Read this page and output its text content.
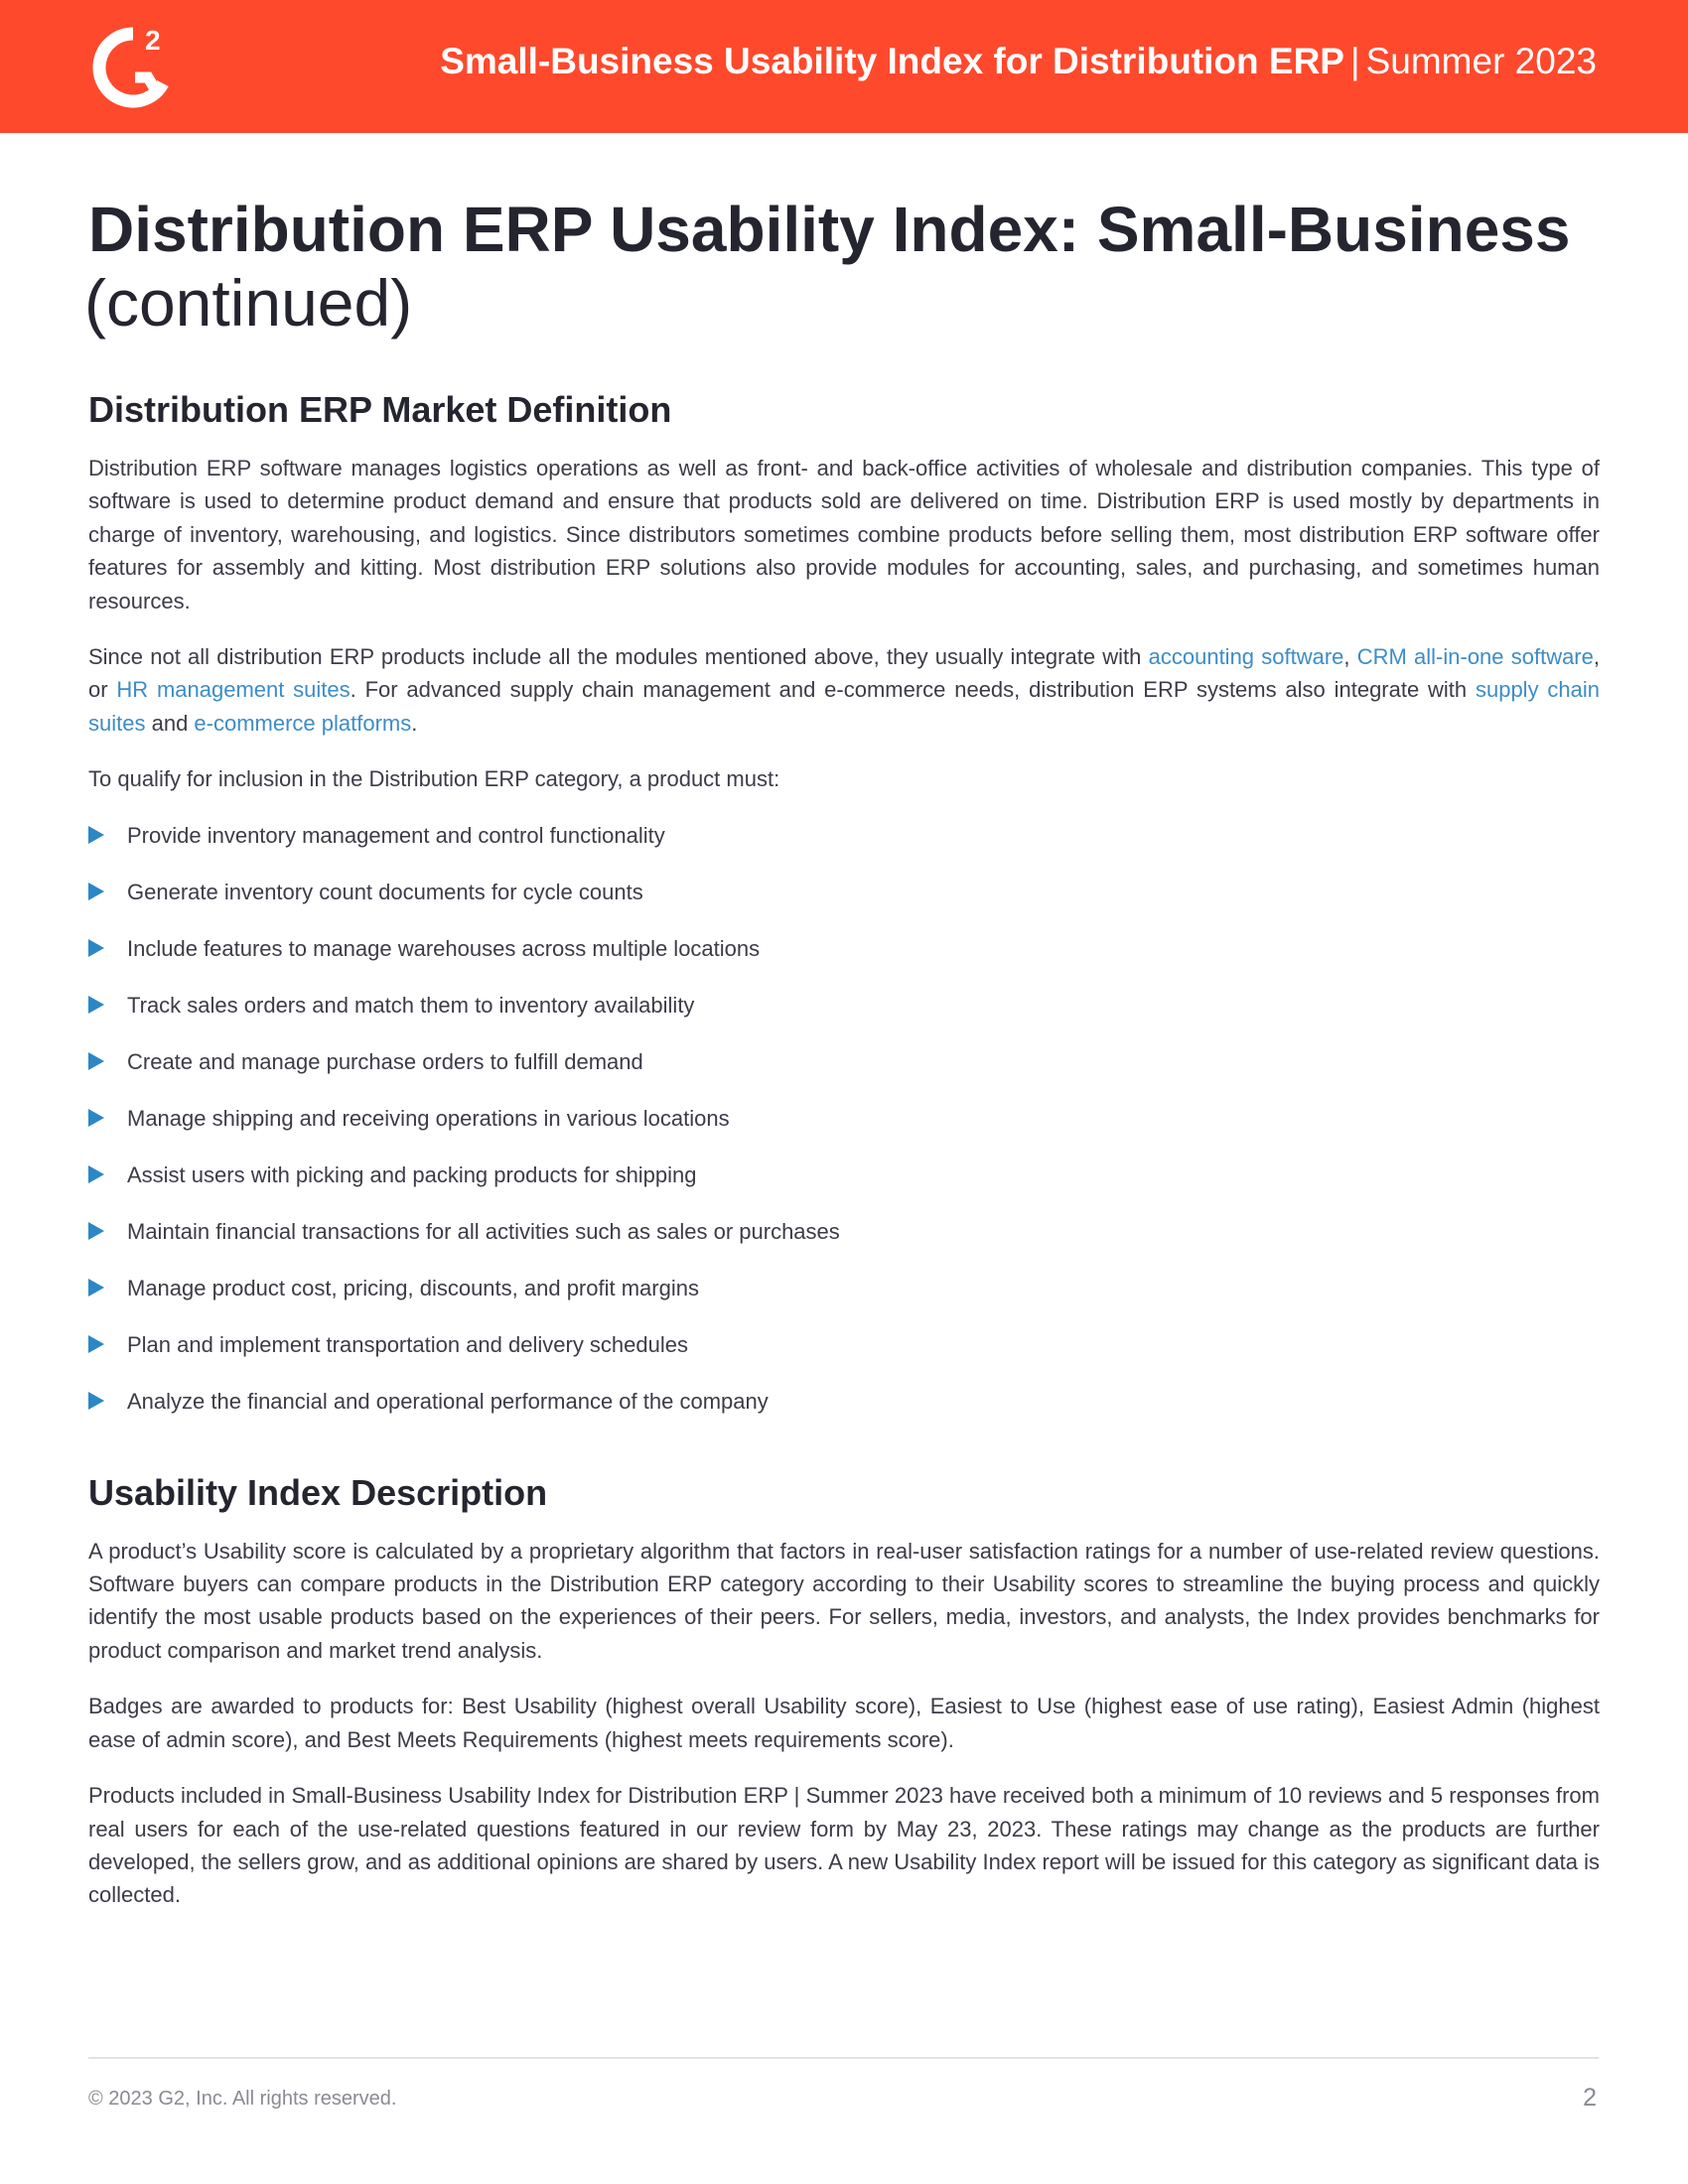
2
Small-Business Usability Index for Distribution ERP | Summer 2023
Distribution ERP Usability Index: Small-Business
(continued)
Distribution ERP Market Definition

Distribution ERP software manages logistics operations as well as front- and back-office activities of wholesale and distribution companies. This type of software is used to determine product demand and ensure that products sold are delivered on time. Distribution ERP is used mostly by departments in charge of inventory, warehousing, and logistics. Since distributors sometimes combine products before selling them, most distribution ERP software offer features for assembly and kitting. Most distribution ERP solutions also provide modules for accounting, sales, and purchasing, and sometimes human resources.

Since not all distribution ERP products include all the modules mentioned above, they usually integrate with accounting software, CRM all-in-one software, or HR management suites. For advanced supply chain management and e-commerce needs, distribution ERP systems also integrate with supply chain suites and e-commerce platforms.

To qualify for inclusion in the Distribution ERP category, a product must:

Provide inventory management and control functionality
Generate inventory count documents for cycle counts
Include features to manage warehouses across multiple locations
Track sales orders and match them to inventory availability
Create and manage purchase orders to fulfill demand
Manage shipping and receiving operations in various locations
Assist users with picking and packing products for shipping
Maintain financial transactions for all activities such as sales or purchases
Manage product cost, pricing, discounts, and profit margins
Plan and implement transportation and delivery schedules
Analyze the financial and operational performance of the company
Usability Index Description

A product’s Usability score is calculated by a proprietary algorithm that factors in real-user satisfaction ratings for a number of use-related review questions. Software buyers can compare products in the Distribution ERP category according to their Usability scores to streamline the buying process and quickly identify the most usable products based on the experiences of their peers. For sellers, media, investors, and analysts, the Index provides benchmarks for product comparison and market trend analysis.

Badges are awarded to products for: Best Usability (highest overall Usability score), Easiest to Use (highest ease of use rating), Easiest Admin (highest ease of admin score), and Best Meets Requirements (highest meets requirements score).

Products included in Small-Business Usability Index for Distribution ERP | Summer 2023 have received both a minimum of 10 reviews and 5 responses from real users for each of the use-related questions featured in our review form by May 23, 2023. These ratings may change as the products are further developed, the sellers grow, and as additional opinions are shared by users. A new Usability Index report will be issued for this category as significant data is collected.

© 2023 G2, Inc. All rights reserved.	2
